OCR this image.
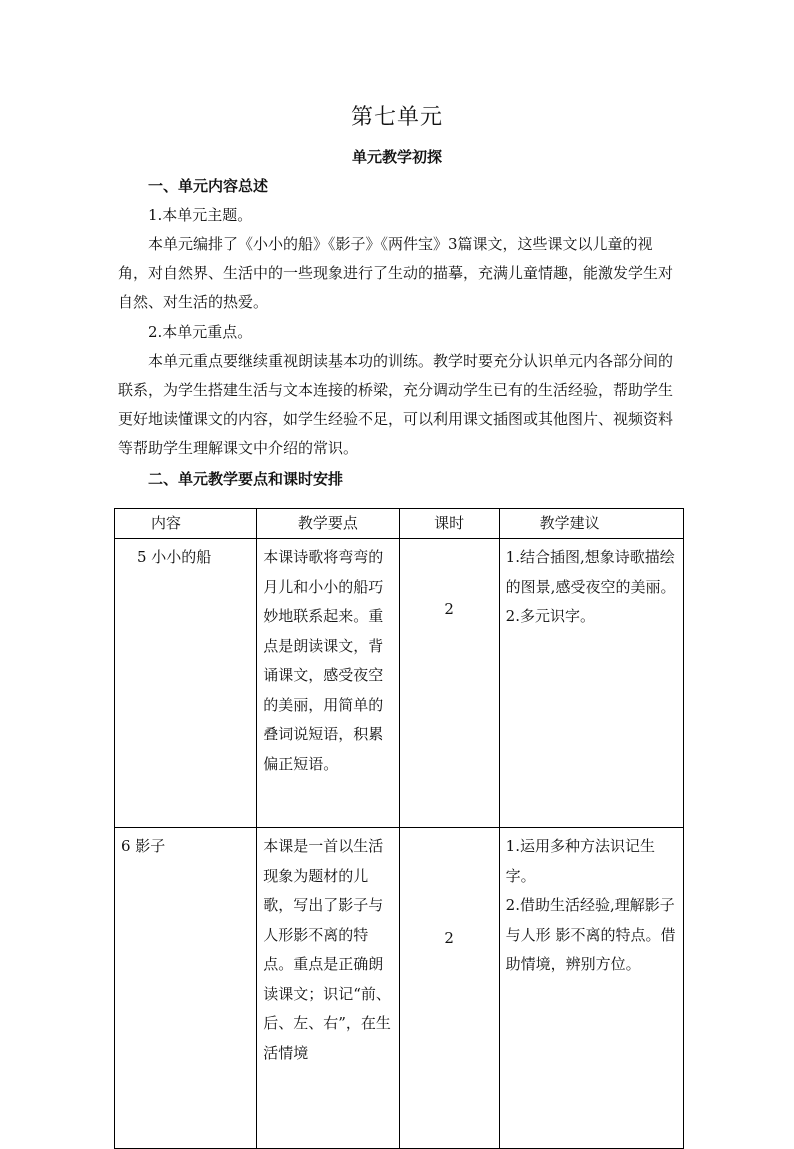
第七单元
单元教学初探
一、单元内容总述
1.本单元主题。
本单元编排了《小小的船》《影子》《两件宝》3篇课文，这些课文以儿童的视角，对自然界、生活中的一些现象进行了生动的描摹，充满儿童情趣，能激发学生对自然、对生活的热爱。
2.本单元重点。
本单元重点要继续重视朗读基本功的训练。教学时要充分认识单元内各部分间的联系，为学生搭建生活与文本连接的桥梁，充分调动学生已有的生活经验，帮助学生更好地读懂课文的内容，如学生经验不足，可以利用课文插图或其他图片、视频资料等帮助学生理解课文中介绍的常识。
二、单元教学要点和课时安排
内容	教学要点	课时	教学建议
5 小小的船	本课诗歌将弯弯的月儿和小小的船巧妙地联系起来。重点是朗读课文，背诵课文，感受夜空的美丽，用简单的叠词说短语，积累偏正短语。	2	1.结合插图,想象诗歌描绘的图景,感受夜空的美丽。
2.多元识字。
6 影子	本课是一首以生活现象为题材的儿歌，写出了影子与人形影不离的特点。重点是正确朗读课文；识记“前、后、左、右”，在生活情境	2	1.运用多种方法识记生字。
2.借助生活经验,理解影子与人形 影不离的特点。借助情境，辨别方位。
